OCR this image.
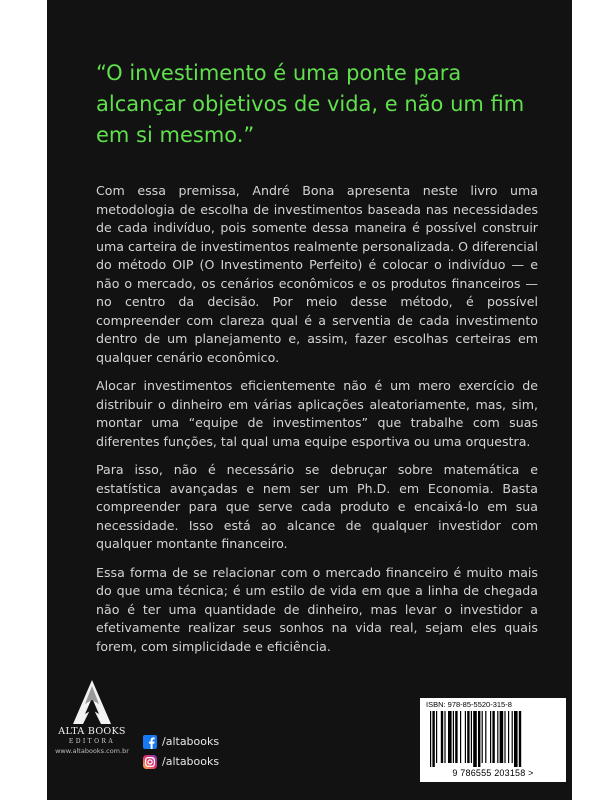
“O investimento é uma ponte para alcançar objetivos de vida, e não um fim em si mesmo.”

Com essa premissa, André Bona apresenta neste livro uma metodologia de escolha de investimentos baseada nas necessidades de cada indivíduo, pois somente dessa maneira é possível construir uma carteira de investimentos realmente personalizada. O diferencial do método OIP (O Investimento Perfeito) é colocar o indivíduo — e não o mercado, os cenários econômicos e os produtos financeiros — no centro da decisão. Por meio desse método, é possível compreender com clareza qual é a serventia de cada investimento dentro de um planejamento e, assim, fazer escolhas certeiras em qualquer cenário econômico.

Alocar investimentos eficientemente não é um mero exercício de distribuir o dinheiro em várias aplicações aleatoriamente, mas, sim, montar uma “equipe de investimentos” que trabalhe com suas diferentes funções, tal qual uma equipe esportiva ou uma orquestra.

Para isso, não é necessário se debruçar sobre matemática e estatística avançadas e nem ser um Ph.D. em Economia. Basta compreender para que serve cada produto e encaixá-lo em sua necessidade. Isso está ao alcance de qualquer investidor com qualquer montante financeiro.

Essa forma de se relacionar com o mercado financeiro é muito mais do que uma técnica; é um estilo de vida em que a linha de chegada não é ter uma quantidade de dinheiro, mas levar o investidor a efetivamente realizar seus sonhos na vida real, sejam eles quais forem, com simplicidade e eficiência.

ALTA BOOKS
EDITORA
www.altabooks.com.br
/altabooks
/altabooks
ISBN: 978-85-5520-315-8
9 786555 203158 >
